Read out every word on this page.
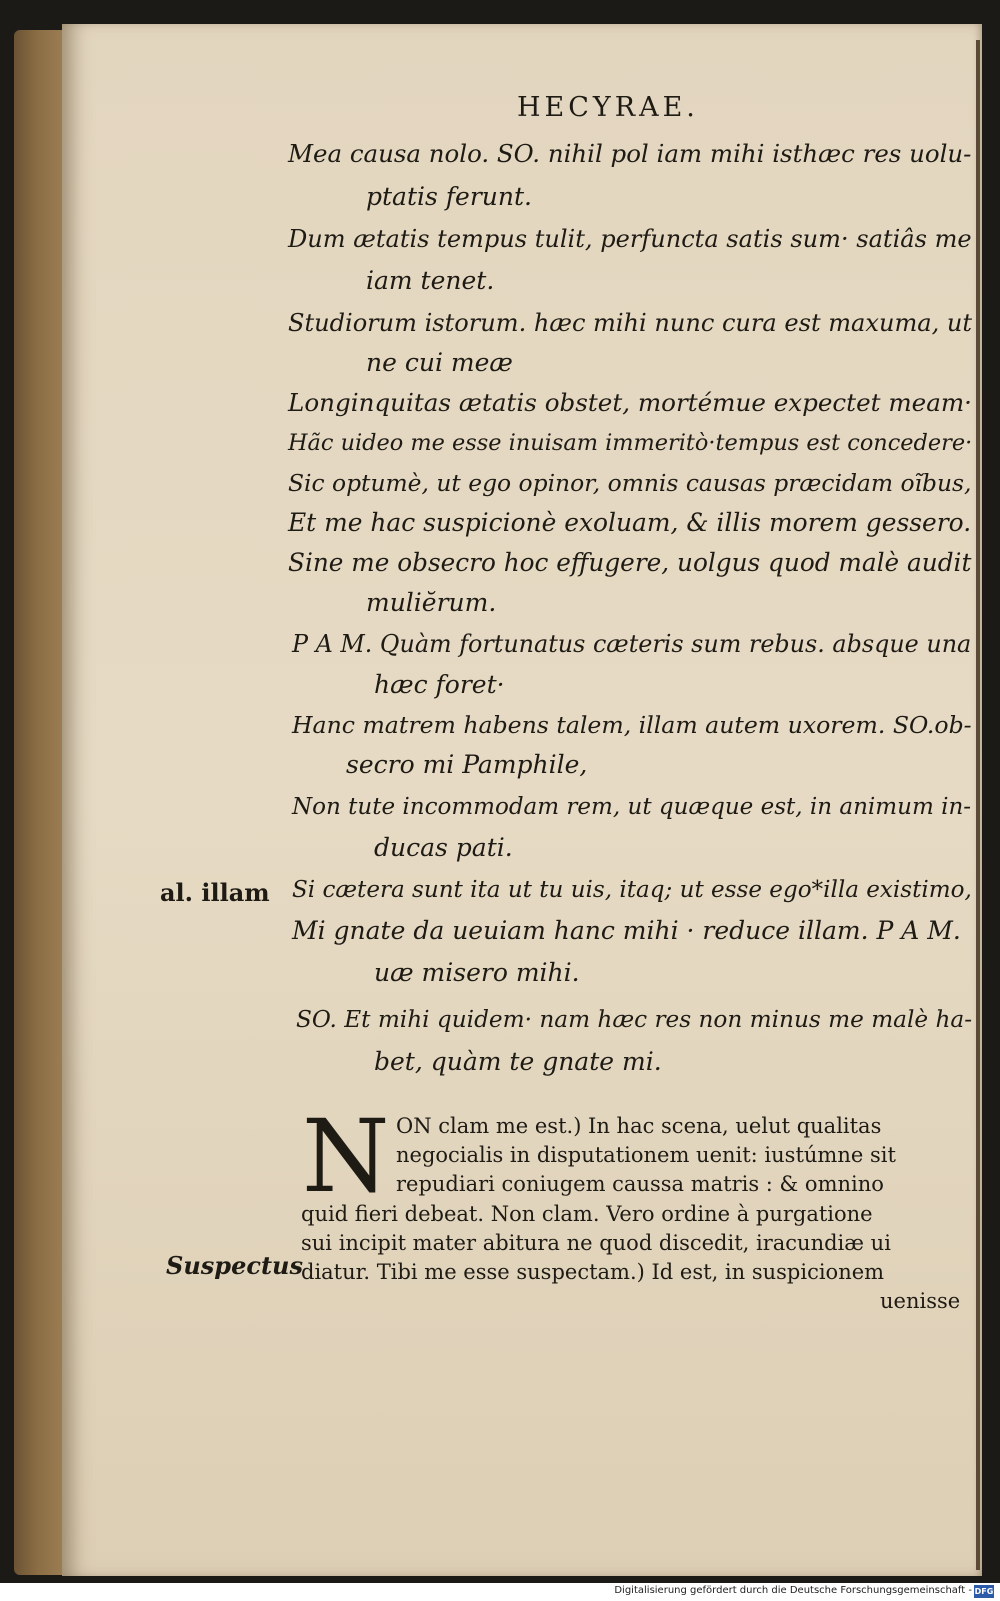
HECYRAE.
Mea causa nolo. SO. nihil pol iam mihi isthæc res uolu-
ptatis ferunt.
Dum ætatis tempus tulit, perfuncta satis sum· satiâs me
iam tenet.
Studiorum istorum. hæc mihi nunc cura est maxuma, ut
ne cui meæ
Longinquitas ætatis obstet, mortémue expectet meam·
Hãc uideo me esse inuisam immeritò·tempus est concedere·
Sic optumè, ut ego opinor, omnis causas præcidam oĩbus,
Et me hac suspicionè exoluam, & illis morem gessero.
Sine me obsecro hoc effugere, uolgus quod malè audit
muliĕrum.
P A M. Quàm fortunatus cæteris sum rebus. absque una
hæc foret·
Hanc matrem habens talem, illam autem uxorem. SO.ob-
secro mi Pamphile,
Non tute incommodam rem, ut quæque est, in animum in-
ducas pati.
Si cætera sunt ita ut tu uis, itaq; ut esse ego*illa existimo,
Mi gnate da ueuiam hanc mihi · reduce illam. P A M.
uæ misero mihi.
SO. Et mihi quidem· nam hæc res non minus me malè ha-
bet, quàm te gnate mi.
al. illam
Suspectus
N ON clam me est.) In hac scena, uelut qualitas
negocialis in disputationem uenit: iustúmne sit
repudiari coniugem caussa matris : & omnino
quid fieri debeat. Non clam. Vero ordine à purgatione
sui incipit mater abitura ne quod discedit, iracundiæ ui
diatur. Tibi me esse suspectam.) Id est, in suspicionem
uenisse
Digitalisierung gefördert durch die Deutsche Forschungsgemeinschaft - DFG
